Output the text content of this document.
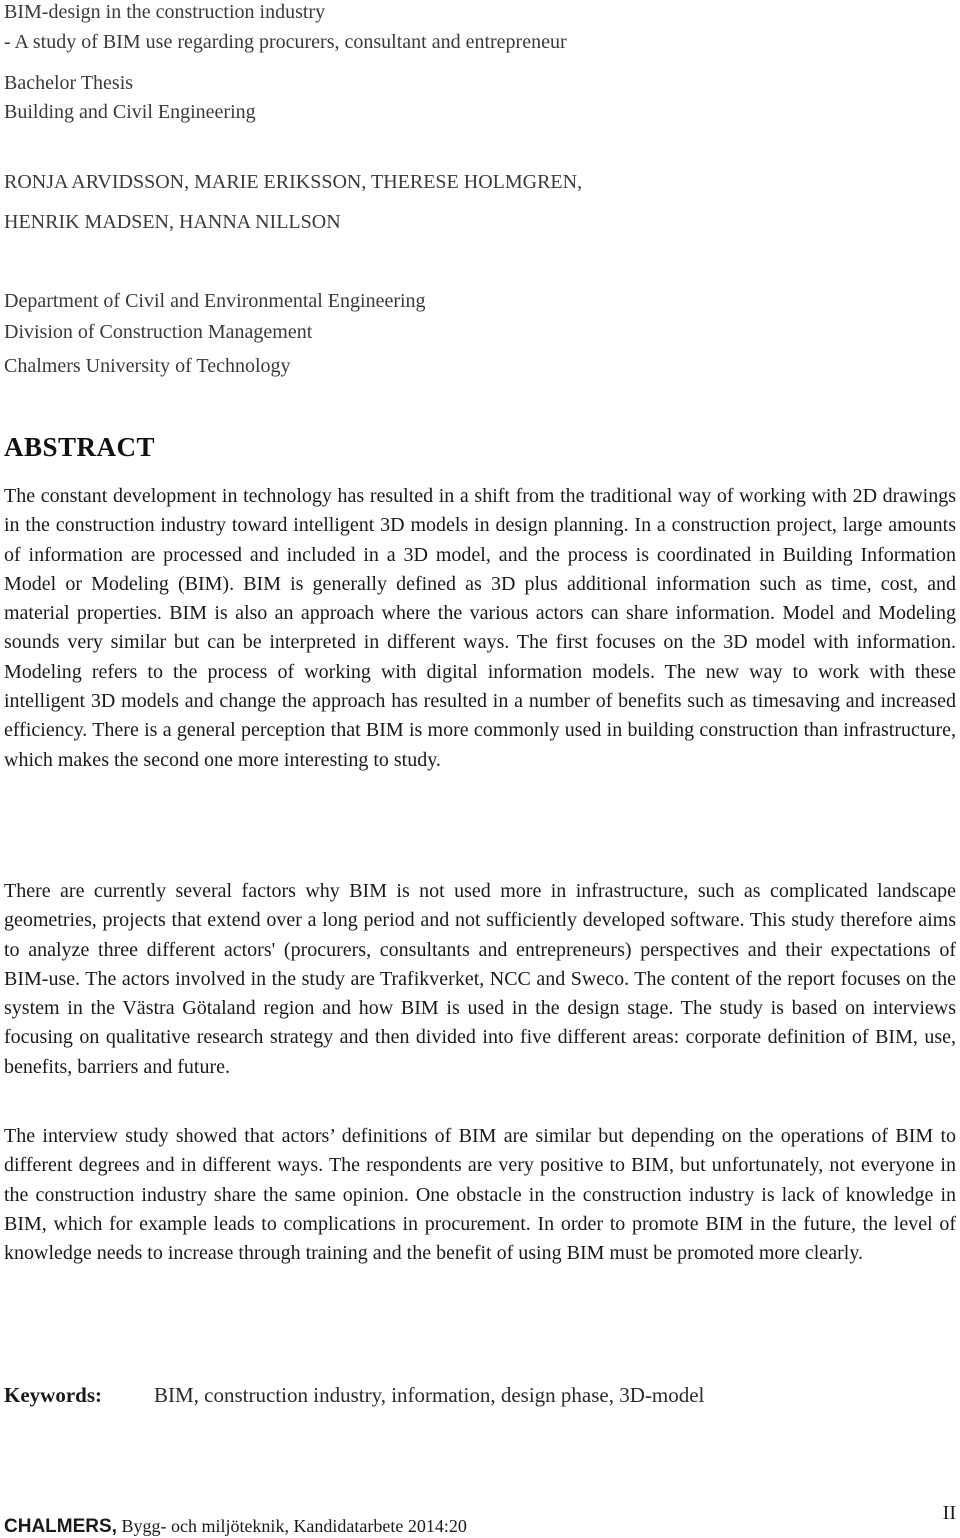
BIM-design in the construction industry
- A study of BIM use regarding procurers, consultant and entrepreneur
Bachelor Thesis
Building and Civil Engineering
RONJA ARVIDSSON, MARIE ERIKSSON, THERESE HOLMGREN,
HENRIK MADSEN, HANNA NILLSON
Department of Civil and Environmental Engineering
Division of Construction Management
Chalmers University of Technology
ABSTRACT
The constant development in technology has resulted in a shift from the traditional way of working with 2D drawings in the construction industry toward intelligent 3D models in design planning. In a construction project, large amounts of information are processed and included in a 3D model, and the process is coordinated in Building Information Model or Modeling (BIM). BIM is generally defined as 3D plus additional information such as time, cost, and material properties. BIM is also an approach where the various actors can share information. Model and Modeling sounds very similar but can be interpreted in different ways. The first focuses on the 3D model with information. Modeling refers to the process of working with digital information models. The new way to work with these intelligent 3D models and change the approach has resulted in a number of benefits such as timesaving and increased efficiency. There is a general perception that BIM is more commonly used in building construction than infrastructure, which makes the second one more interesting to study.
There are currently several factors why BIM is not used more in infrastructure, such as complicated landscape geometries, projects that extend over a long period and not sufficiently developed software. This study therefore aims to analyze three different actors' (procurers, consultants and entrepreneurs) perspectives and their expectations of BIM-use. The actors involved in the study are Trafikverket, NCC and Sweco. The content of the report focuses on the system in the Västra Götaland region and how BIM is used in the design stage. The study is based on interviews focusing on qualitative research strategy and then divided into five different areas: corporate definition of BIM, use, benefits, barriers and future.
The interview study showed that actors’ definitions of BIM are similar but depending on the operations of BIM to different degrees and in different ways. The respondents are very positive to BIM, but unfortunately, not everyone in the construction industry share the same opinion. One obstacle in the construction industry is lack of knowledge in BIM, which for example leads to complications in procurement. In order to promote BIM in the future, the level of knowledge needs to increase through training and the benefit of using BIM must be promoted more clearly.
Keywords: BIM, construction industry, information, design phase, 3D-model
II
CHALMERS, Bygg- och miljöteknik, Kandidatarbete 2014:20
